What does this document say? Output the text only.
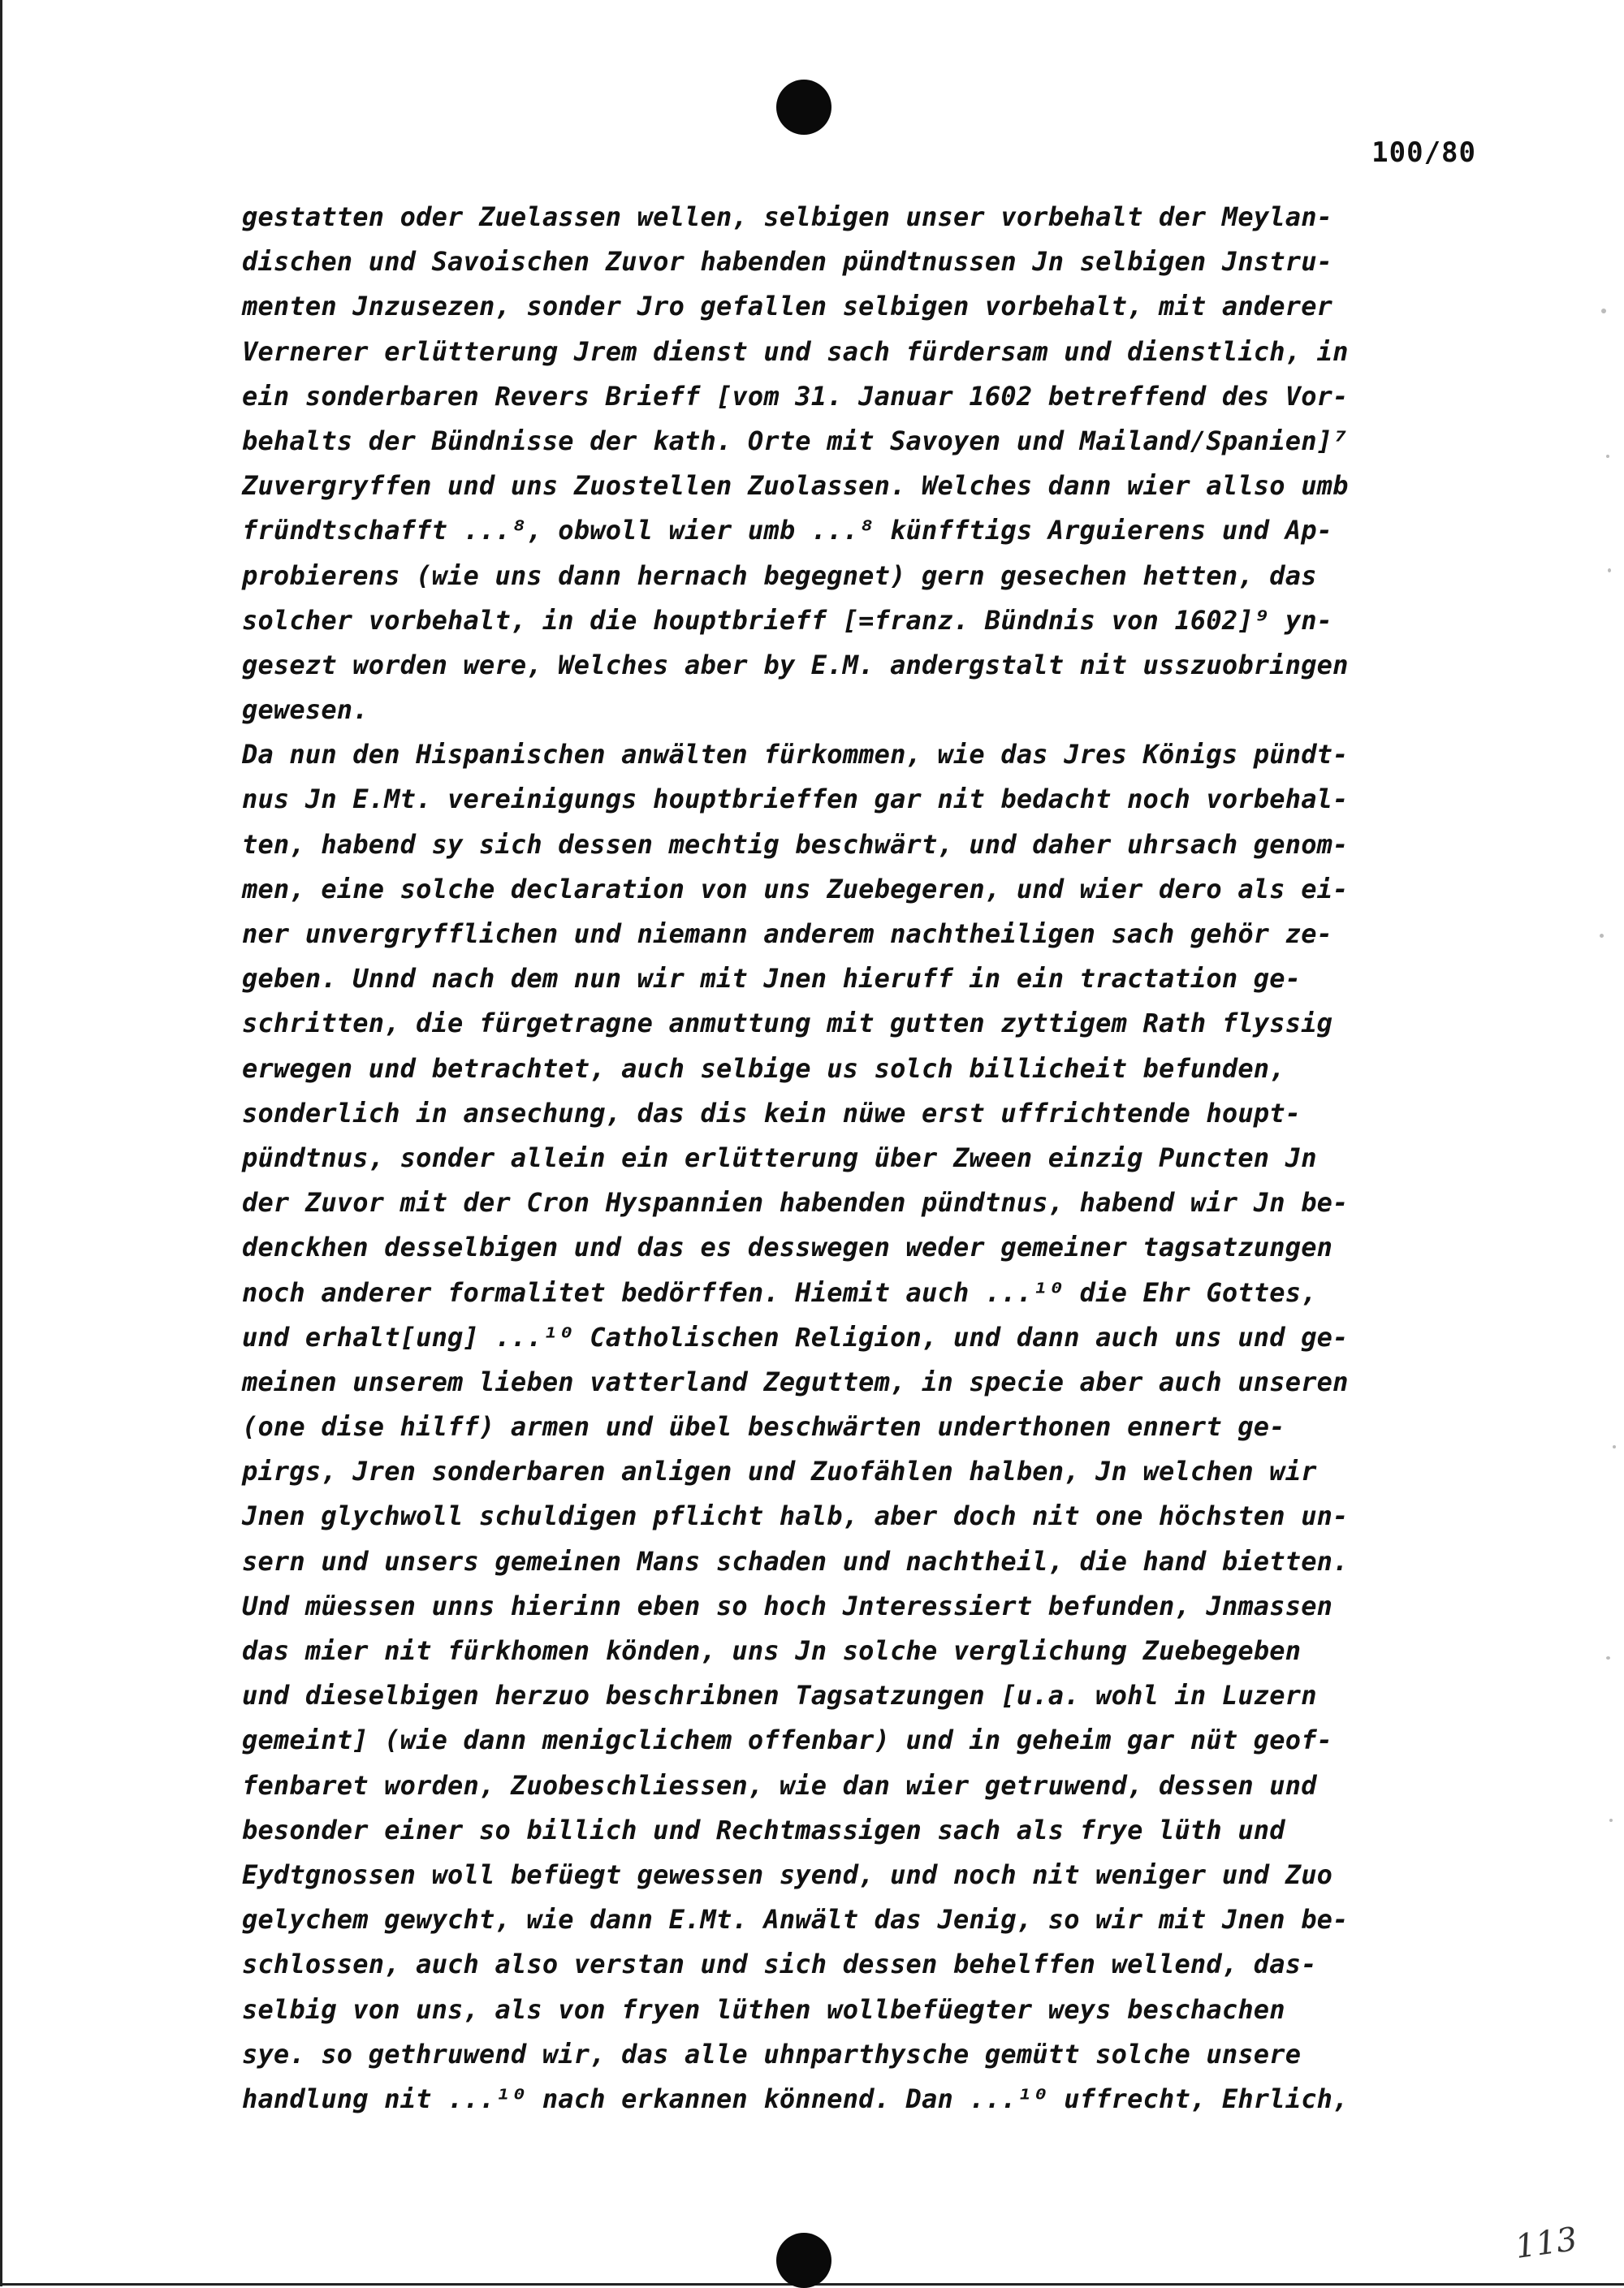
100/80
gestatten oder Zuelassen wellen, selbigen unser vorbehalt der Meylan-
dischen und Savoischen Zuvor habenden pündtnussen Jn selbigen Jnstru-
menten Jnzusezen, sonder Jro gefallen selbigen vorbehalt, mit anderer
Vernerer erlütterung Jrem dienst und sach fürdersam und dienstlich, in
ein sonderbaren Revers Brieff [vom 31. Januar 1602 betreffend des Vor-
behalts der Bündnisse der kath. Orte mit Savoyen und Mailand/Spanien]⁷
Zuvergryffen und uns Zuostellen Zuolassen. Welches dann wier allso umb
fründtschafft ...⁸, obwoll wier umb ...⁸ künfftigs Arguierens und Ap-
probierens (wie uns dann hernach begegnet) gern gesechen hetten, das
solcher vorbehalt, in die houptbrieff [=franz. Bündnis von 1602]⁹ yn-
gesezt worden were, Welches aber by E.M. andergstalt nit usszuobringen
gewesen.
Da nun den Hispanischen anwälten fürkommen, wie das Jres Königs pündt-
nus Jn E.Mt. vereinigungs houptbrieffen gar nit bedacht noch vorbehal-
ten, habend sy sich dessen mechtig beschwärt, und daher uhrsach genom-
men, eine solche declaration von uns Zuebegeren, und wier dero als ei-
ner unvergryfflichen und niemann anderem nachtheiligen sach gehör ze-
geben. Unnd nach dem nun wir mit Jnen hieruff in ein tractation ge-
schritten, die fürgetragne anmuttung mit gutten zyttigem Rath flyssig
erwegen und betrachtet, auch selbige us solch billicheit befunden,
sonderlich in ansechung, das dis kein nüwe erst uffrichtende houpt-
pündtnus, sonder allein ein erlütterung über Zween einzig Puncten Jn
der Zuvor mit der Cron Hyspannien habenden pündtnus, habend wir Jn be-
denckhen desselbigen und das es desswegen weder gemeiner tagsatzungen
noch anderer formalitet bedörffen. Hiemit auch ...¹⁰ die Ehr Gottes,
und erhalt[ung] ...¹⁰ Catholischen Religion, und dann auch uns und ge-
meinen unserem lieben vatterland Zeguttem, in specie aber auch unseren
(one dise hilff) armen und übel beschwärten underthonen ennert ge-
pirgs, Jren sonderbaren anligen und Zuofählen halben, Jn welchen wir
Jnen glychwoll schuldigen pflicht halb, aber doch nit one höchsten un-
sern und unsers gemeinen Mans schaden und nachtheil, die hand bietten.
Und müessen unns hierinn eben so hoch Jnteressiert befunden, Jnmassen
das mier nit fürkhomen könden, uns Jn solche verglichung Zuebegeben
und dieselbigen herzuo beschribnen Tagsatzungen [u.a. wohl in Luzern
gemeint] (wie dann menigclichem offenbar) und in geheim gar nüt geof-
fenbaret worden, Zuobeschliessen, wie dan wier getruwend, dessen und
besonder einer so billich und Rechtmassigen sach als frye lüth und
Eydtgnossen woll befüegt gewessen syend, und noch nit weniger und Zuo
gelychem gewycht, wie dann E.Mt. Anwält das Jenig, so wir mit Jnen be-
schlossen, auch also verstan und sich dessen behelffen wellend, das-
selbig von uns, als von fryen lüthen wollbefüegter weys beschachen
sye. so gethruwend wir, das alle uhnparthysche gemütt solche unsere
handlung nit ...¹⁰ nach erkannen könnend. Dan ...¹⁰ uffrecht, Ehrlich,
113
